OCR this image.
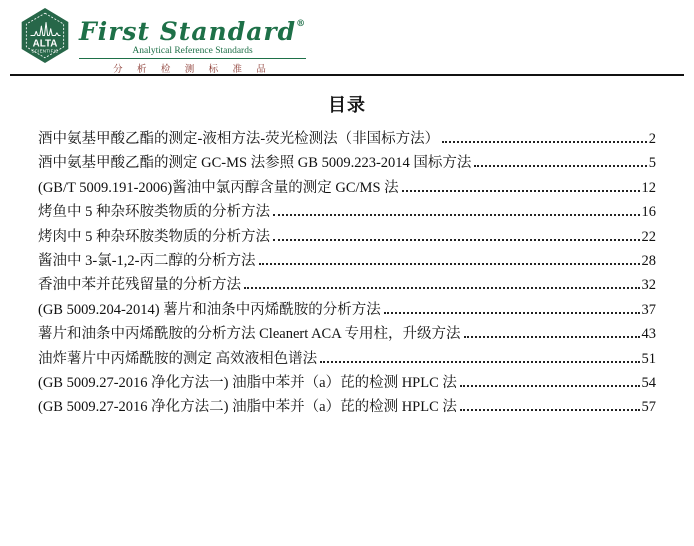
ALTA
SCIENTIFIC
First Standard®
Analytical Reference Standards
分 析 检 测 标 准 品
目录
酒中氨基甲酸乙酯的测定-液相方法-荧光检测法（非国标方法）	2
酒中氨基甲酸乙酯的测定 GC-MS 法参照 GB 5009.223-2014 国标方法	5
(GB/T 5009.191-2006)酱油中氯丙醇含量的测定 GC/MS 法	12
烤鱼中 5 种杂环胺类物质的分析方法	16
烤肉中 5 种杂环胺类物质的分析方法	22
酱油中 3-氯-1,2-丙二醇的分析方法	28
香油中苯并芘残留量的分析方法	32
(GB 5009.204-2014) 薯片和油条中丙烯酰胺的分析方法	37
薯片和油条中丙烯酰胺的分析方法 Cleanert ACA 专用柱，升级方法	43
油炸薯片中丙烯酰胺的测定 高效液相色谱法	51
(GB 5009.27-2016 净化方法一) 油脂中苯并（a）芘的检测 HPLC 法	54
(GB 5009.27-2016 净化方法二) 油脂中苯并（a）芘的检测 HPLC 法	57
